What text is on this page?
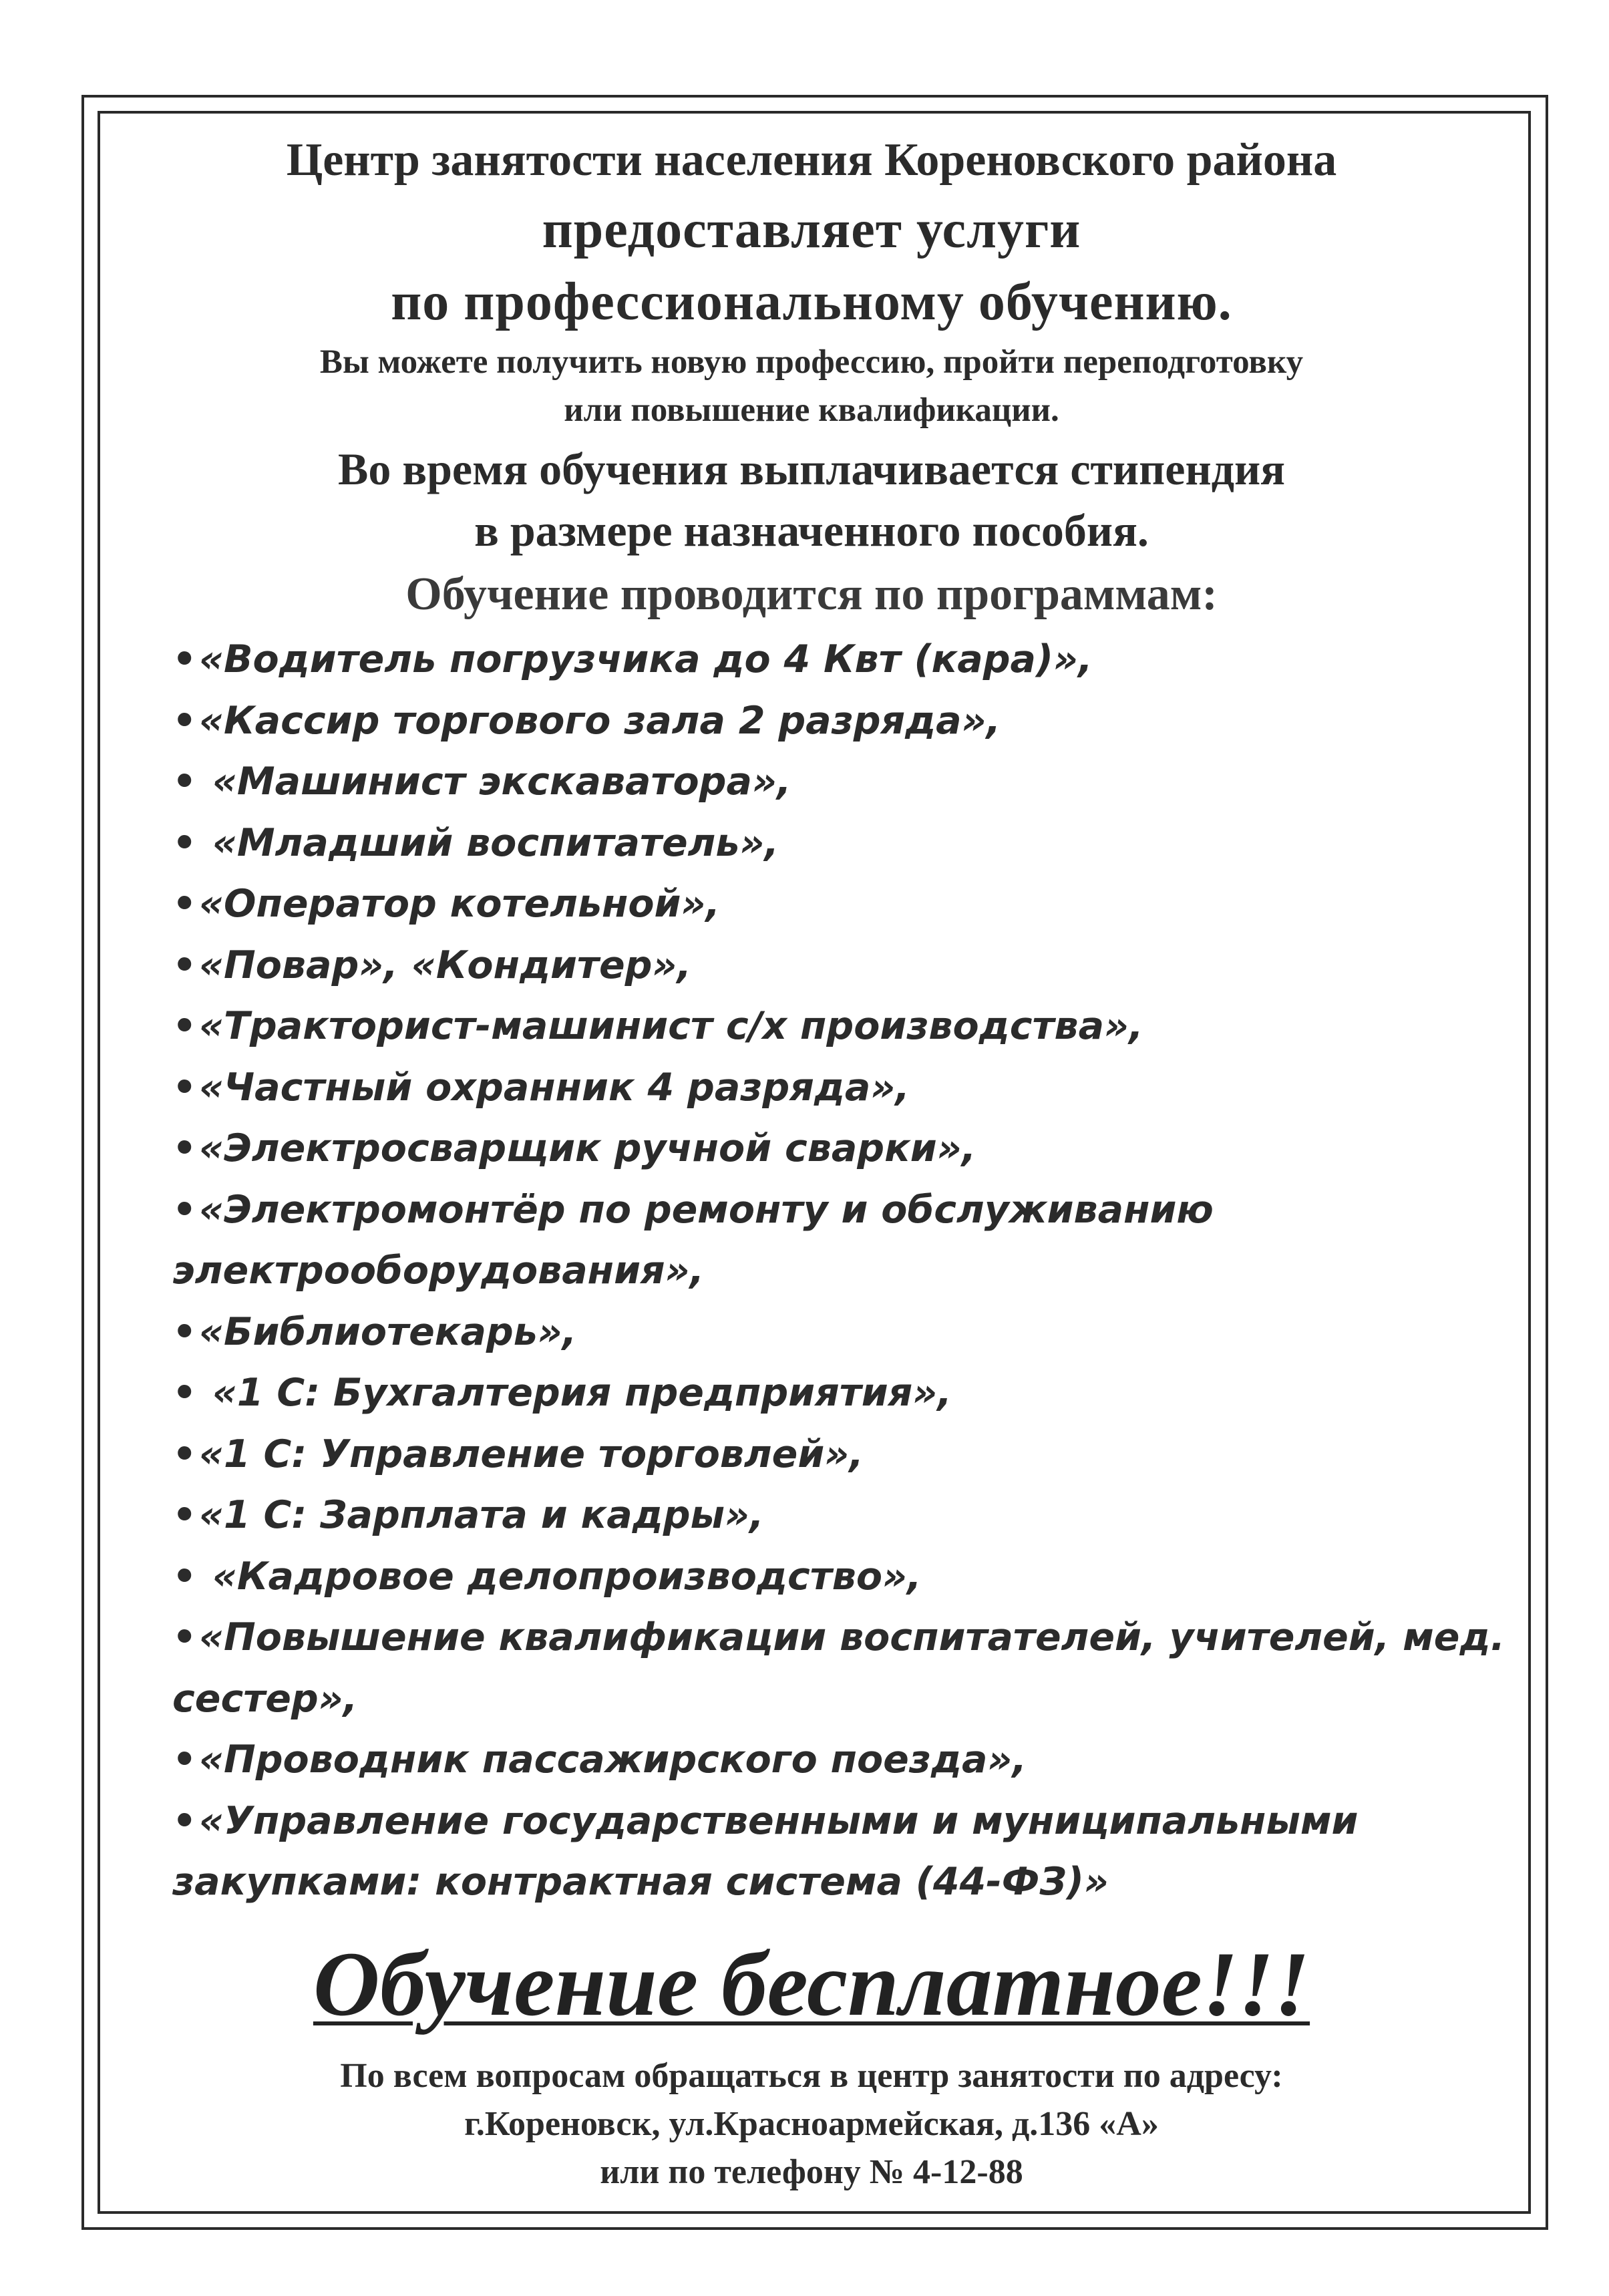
Центр занятости населения Кореновского района

предоставляет услуги

по профессиональному обучению.

Вы можете получить новую профессию, пройти переподготовку

или повышение квалификации.

Во время обучения выплачивается стипендия

в размере назначенного пособия.

Обучение проводится по программам:

•«Водитель погрузчика до 4 Квт (кара)»,
•«Кассир торгового зала 2 разряда»,
• «Машинист экскаватора»,
• «Младший воспитатель»,
•«Оператор котельной»,
•«Повар», «Кондитер»,
•«Тракторист-машинист с/х производства»,
•«Частный охранник 4 разряда»,
•«Электросварщик ручной сварки»,
•«Электромонтёр по ремонту и обслуживанию электрооборудования»,
•«Библиотекарь»,
• «1 С: Бухгалтерия предприятия»,
•«1 С: Управление торговлей»,
•«1 С: Зарплата и кадры»,
• «Кадровое делопроизводство»,
•«Повышение квалификации воспитателей, учителей, мед. сестер»,
•«Проводник пассажирского поезда»,
•«Управление государственными и муниципальными закупками: контрактная система (44-ФЗ)»

Обучение бесплатное!!!

По всем вопросам обращаться в центр занятости по адресу:

г.Кореновск, ул.Красноармейская, д.136 «А»

или по телефону № 4-12-88
